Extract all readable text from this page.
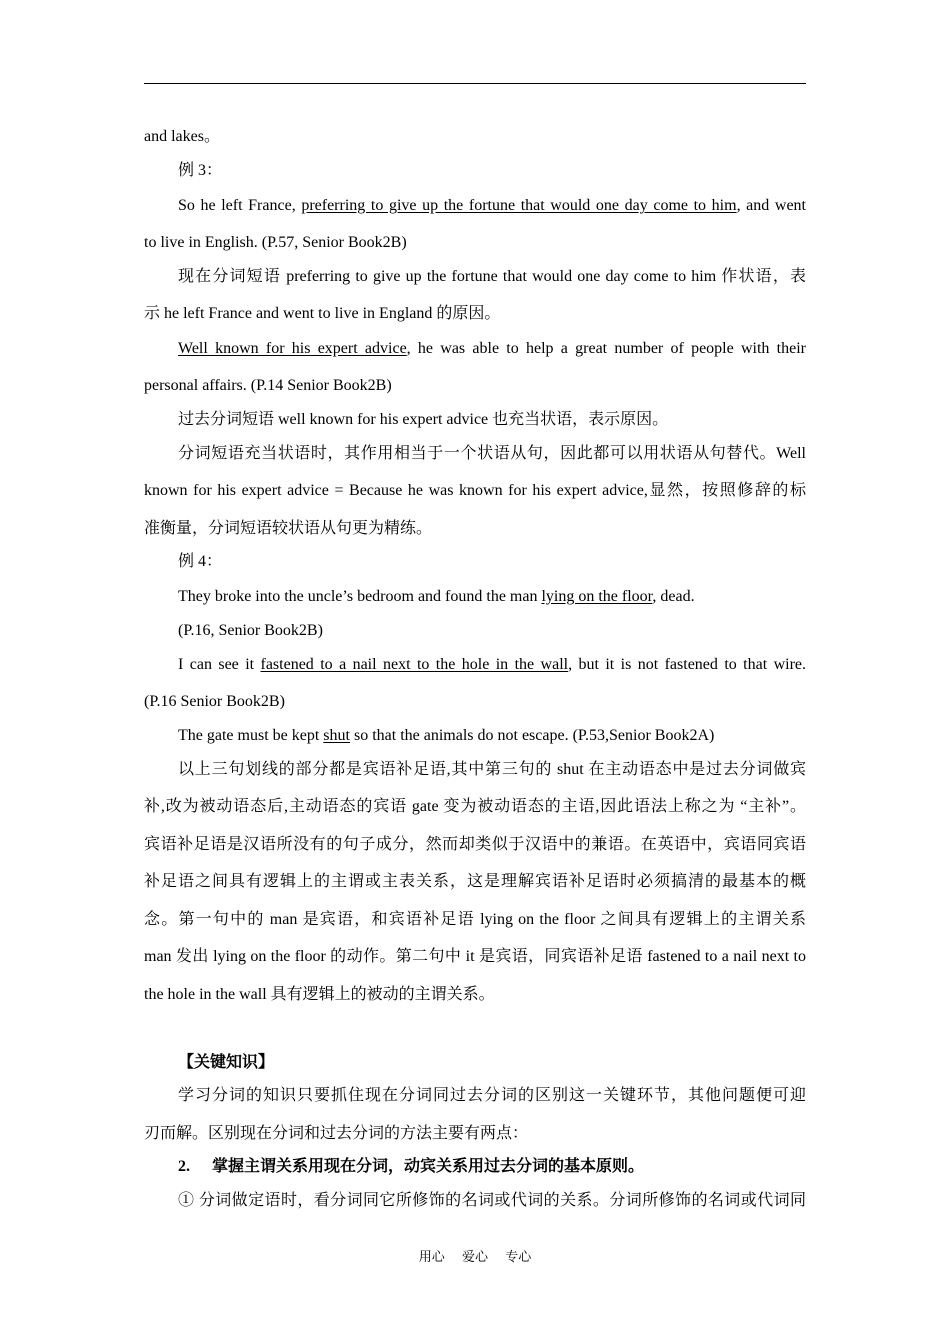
and lakes。
例 3：
So he left France, preferring to give up the fortune that would one day come to him, and went
to live in English. (P.57, Senior Book2B)
现在分词短语 preferring to give up the fortune that would one day come to him 作状语，表
示 he left France and went to live in England 的原因。
Well known for his expert advice, he was able to help a great number of people with their
personal affairs. (P.14 Senior Book2B)
过去分词短语 well known for his expert advice 也充当状语，表示原因。
分词短语充当状语时，其作用相当于一个状语从句，因此都可以用状语从句替代。Well
known for his expert advice = Because he was known for his expert advice,显然，按照修辞的标
准衡量，分词短语较状语从句更为精练。
例 4：
They broke into the uncle’s bedroom and found the man lying on the floor, dead.
(P.16, Senior Book2B)
I can see it fastened to a nail next to the hole in the wall, but it is not fastened to that wire.
(P.16 Senior Book2B)
The gate must be kept shut so that the animals do not escape. (P.53,Senior Book2A)
以上三句划线的部分都是宾语补足语,其中第三句的 shut 在主动语态中是过去分词做宾
补,改为被动语态后,主动语态的宾语 gate 变为被动语态的主语,因此语法上称之为 “主补”。
宾语补足语是汉语所没有的句子成分，然而却类似于汉语中的兼语。在英语中，宾语同宾语
补足语之间具有逻辑上的主谓或主表关系，这是理解宾语补足语时必须搞清的最基本的概
念。第一句中的 man 是宾语，和宾语补足语 lying on the floor 之间具有逻辑上的主谓关系
man 发出 lying on the floor 的动作。第二句中 it 是宾语，同宾语补足语 fastened to a nail next to
the hole in the wall 具有逻辑上的被动的主谓关系。
【关键知识】
学习分词的知识只要抓住现在分词同过去分词的区别这一关键环节，其他问题便可迎
刃而解。区别现在分词和过去分词的方法主要有两点：
2. 掌握主谓关系用现在分词，动宾关系用过去分词的基本原则。
① 分词做定语时，看分词同它所修饰的名词或代词的关系。分词所修饰的名词或代词同
用心 爱心 专心
